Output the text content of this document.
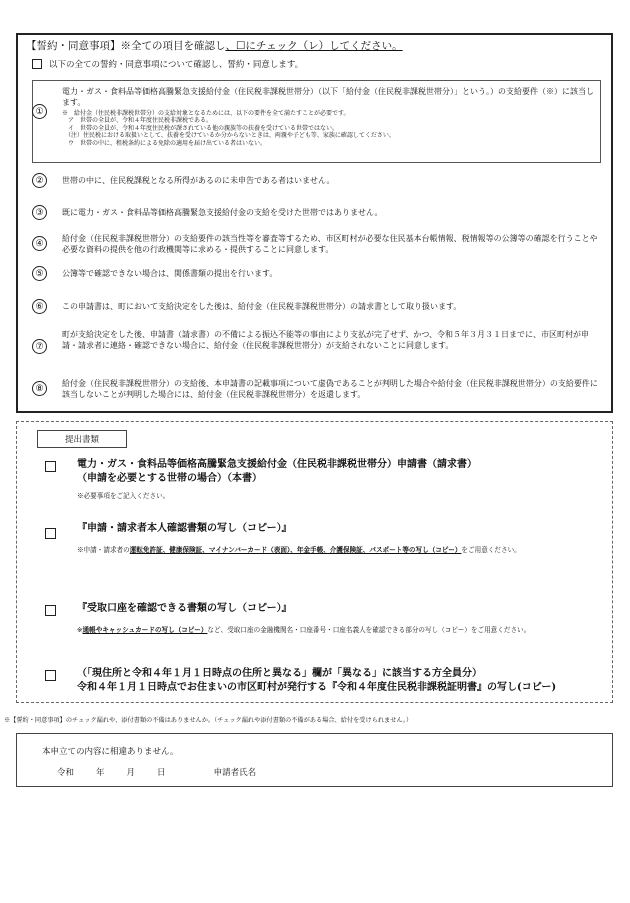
【誓約・同意事項】※全ての項目を確認し、☐にチェック（レ）してください。
以下の全ての誓約・同意事項について確認し、誓約・同意します。
①
電力・ガス・食料品等価格高騰緊急支援給付金（住民税非課税世帯分）（以下「給付金（住民税非課税世帯分）」という。）の支給要件（※）に該当します。
※　給付金（住民税非課税世帯分）の支給対象となるためには、以下の要件を全て満たすことが必要です。
　ア　世帯の全員が、令和４年度住民税非課税である。
　イ　世帯の全員が、令和４年度住民税が課されている他の親族等の扶養を受けている世帯ではない。
　（注）住民税における取扱いとして、扶養を受けているか分からないときは、両親や子ども等、家族に確認してください。
　ウ　世帯の中に、租税条約による免除の適用を届け出ている者はいない。
②	世帯の中に、住民税課税となる所得があるのに未申告である者はいません。
③	既に電力・ガス・食料品等価格高騰緊急支援給付金の支給を受けた世帯ではありません。
④
給付金（住民税非課税世帯分）の支給要件の該当性等を審査等するため、市区町村が必要な住民基本台帳情報、税情報等の公簿等の確認を行うことや必要な資料の提供を他の行政機関等に求める・提供することに同意します。
⑤	公簿等で確認できない場合は、関係書類の提出を行います。
⑥	この申請書は、町において支給決定をした後は、給付金（住民税非課税世帯分）の請求書として取り扱います。
⑦
町が支給決定をした後、申請書（請求書）の不備による振込不能等の事由により支払が完了せず、かつ、令和５年３月３１日までに、市区町村が申請・請求者に連絡・確認できない場合に、給付金（住民税非課税世帯分）が支給されないことに同意します。
⑧
給付金（住民税非課税世帯分）の支給後、本申請書の記載事項について虚偽であることが判明した場合や給付金（住民税非課税世帯分）の支給要件に該当しないことが判明した場合には、給付金（住民税非課税世帯分）を返還します。
提出書類
電力・ガス・食料品等価格高騰緊急支援給付金（住民税非課税世帯分）申請書（請求書）
（申請を必要とする世帯の場合）（本書）
※必要事項をご記入ください。
『申請・請求者本人確認書類の写し（コピー）』
※申請・請求者の運転免許証、健康保険証、マイナンバーカード（表面）、年金手帳、介護保険証、パスポート等の写し（コピー）をご用意ください。
『受取口座を確認できる書類の写し（コピー）』
※通帳やキャッシュカードの写し（コピー）など、受取口座の金融機関名・口座番号・口座名義人を確認できる部分の写し（コピー）をご用意ください。
（「現住所と令和４年１月１日時点の住所と異なる」欄が「異なる」に該当する方全員分）
令和４年１月１日時点でお住まいの市区町村が発行する『令和４年度住民税非課税証明書』の写し(コピー)
※【誓約・同意事項】のチェック漏れや、添付書類の不備はありませんか。（チェック漏れや添付書類の不備がある場合、給付を受けられません。）
本申立ての内容に相違ありません。
令和	年	月	日	申請者氏名
